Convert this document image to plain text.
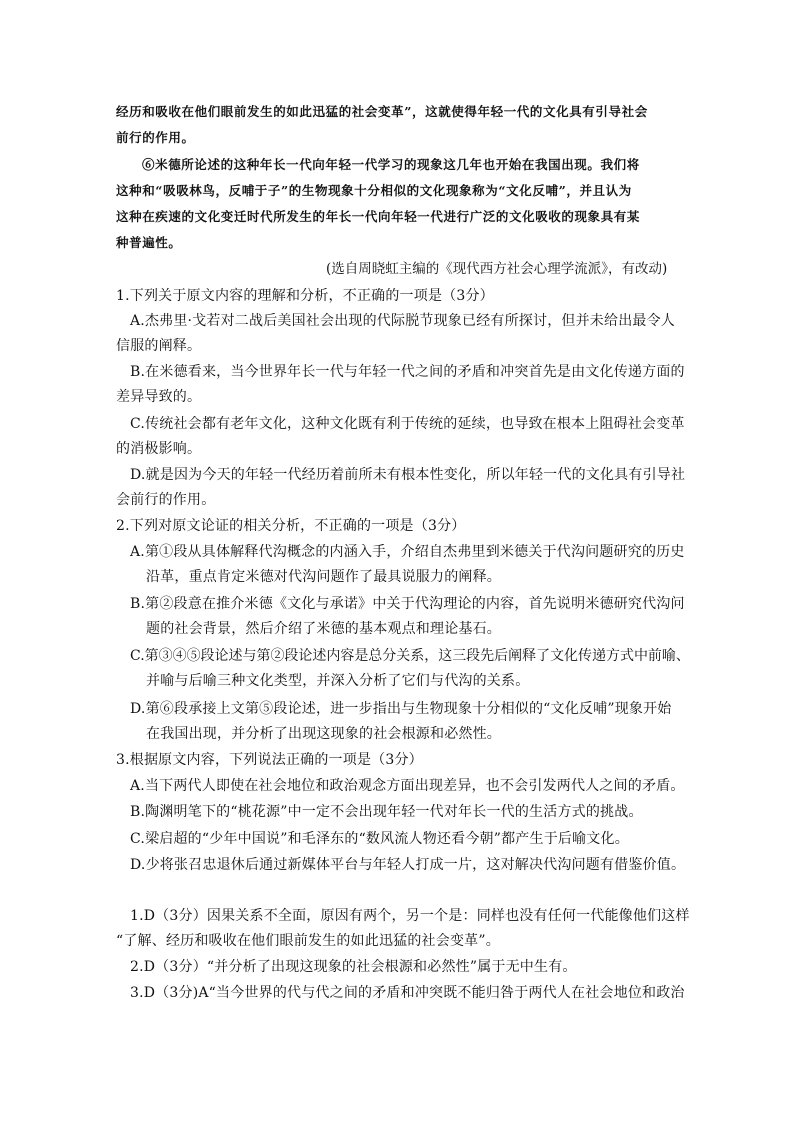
经历和吸收在他们眼前发生的如此迅猛的社会变革”，这就使得年轻一代的文化具有引导社会
前行的作用。
⑥米德所论述的这种年长一代向年轻一代学习的现象这几年也开始在我国出现。我们将
这种和“吸吸林鸟，反哺于子”的生物现象十分相似的文化现象称为“文化反哺”，并且认为
这种在疾速的文化变迁时代所发生的年长一代向年轻一代进行广泛的文化吸收的现象具有某
种普遍性。
(选自周晓虹主编的《现代西方社会心理学流派》，有改动)
1.下列关于原文内容的理解和分析，不正确的一项是（3分）
A.杰弗里·戈若对二战后美国社会出现的代际脱节现象已经有所探讨，但并未给出最令人
信服的阐释。
B.在米德看来，当今世界年长一代与年轻一代之间的矛盾和冲突首先是由文化传递方面的
差异导致的。
C.传统社会都有老年文化，这种文化既有利于传统的延续，也导致在根本上阻碍社会变革
的消极影响。
D.就是因为今天的年轻一代经历着前所未有根本性变化，所以年轻一代的文化具有引导社
会前行的作用。
2.下列对原文论证的相关分析，不正确的一项是（3分）
A.第①段从具体解释代沟概念的内涵入手，介绍自杰弗里到米德关于代沟问题研究的历史
沿革，重点肯定米德对代沟问题作了最具说服力的阐释。
B.第②段意在推介米德《文化与承诺》中关于代沟理论的内容，首先说明米德研究代沟问
题的社会背景，然后介绍了米德的基本观点和理论基石。
C.第③④⑤段论述与第②段论述内容是总分关系，这三段先后阐释了文化传递方式中前喻、
并喻与后喻三种文化类型，并深入分析了它们与代沟的关系。
D.第⑥段承接上文第⑤段论述，进一步指出与生物现象十分相似的“文化反哺”现象开始
在我国出现，并分析了出现这现象的社会根源和必然性。
3.根据原文内容，下列说法正确的一项是（3分）
A.当下两代人即使在社会地位和政治观念方面出现差异，也不会引发两代人之间的矛盾。
B.陶渊明笔下的“桃花源”中一定不会出现年轻一代对年长一代的生活方式的挑战。
C.梁启超的“少年中国说”和毛泽东的“数风流人物还看今朝”都产生于后喻文化。
D.少将张召忠退休后通过新媒体平台与年轻人打成一片，这对解决代沟问题有借鉴价值。
1.D（3分）因果关系不全面，原因有两个，另一个是：同样也没有任何一代能像他们这样
“了解、经历和吸收在他们眼前发生的如此迅猛的社会变革”。
2.D（3分）“并分析了出现这现象的社会根源和必然性”属于无中生有。
3.D（3分)A“当今世界的代与代之间的矛盾和冲突既不能归咎于两代人在社会地位和政治
